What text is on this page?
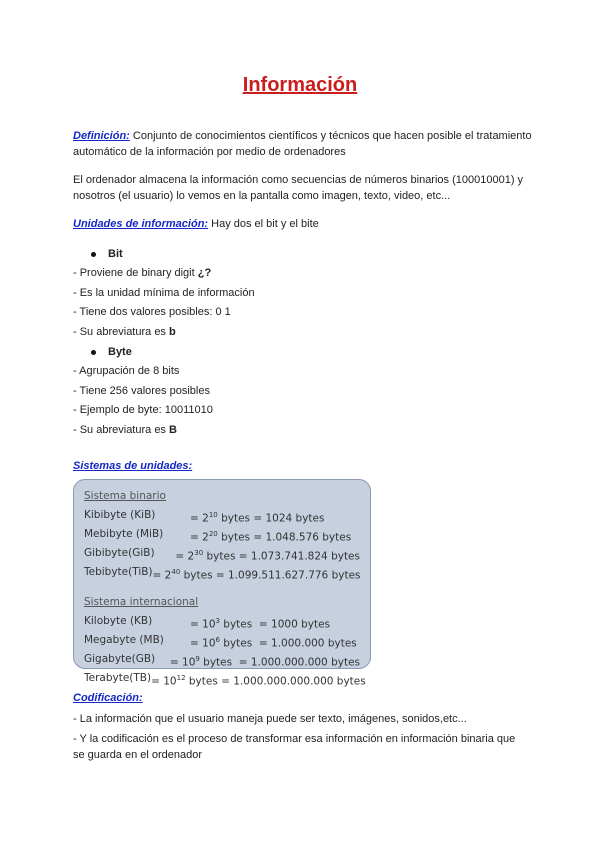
Información
Definición: Conjunto de conocimientos científicos y técnicos que hacen posible el tratamiento automático de la información por medio de ordenadores
El ordenador almacena la información como secuencias de números binarios (100010001) y nosotros (el usuario) lo vemos en la pantalla como imagen, texto, video, etc...
Unidades de información: Hay dos el bit y el bite
Bit
- Proviene de binary digit ¿?
- Es la unidad mínima de información
- Tiene dos valores posibles: 0 1
- Su abreviatura es b
Byte
- Agrupación de 8 bits
- Tiene 256 valores posibles
- Ejemplo de byte: 10011010
- Su abreviatura es B
Sistemas de unidades:
Sistema binario
Kibibyte (KiB)	= $2^{10}$ bytes = 1024 bytes
Mebibyte (MiB)	= $2^{20}$ bytes = 1.048.576 bytes
Gibibyte(GiB)	= $2^{30}$ bytes = 1.073.741.824 bytes
Tebibyte(TiB) = $2^{40}$ bytes = 1.099.511.627.776 bytes
Sistema internacional
Kilobyte (KB)	= $10^3$ bytes  = 1000 bytes
Megabyte (MB)	= $10^6$ bytes  = 1.000.000 bytes
Gigabyte(GB)	= $10^9$ bytes  = 1.000.000.000 bytes
Terabyte(TB) = $10^{12}$ bytes = 1.000.000.000.000 bytes
Codificación:
- La información que el usuario maneja puede ser texto, imágenes, sonidos,etc...
- Y la codificación es el proceso de transformar esa información en información binaria que se guarda en el ordenador
